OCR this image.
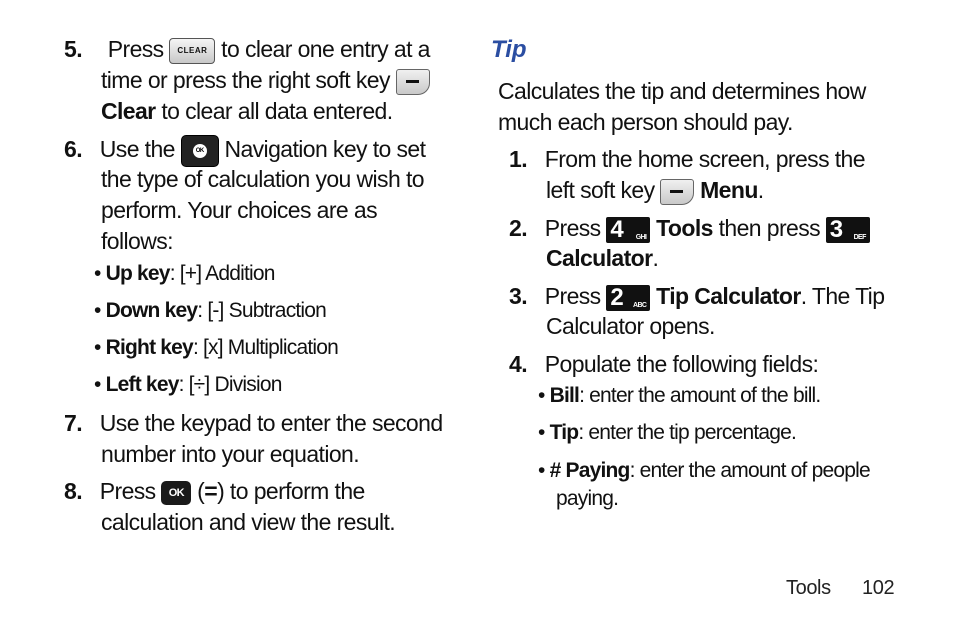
5. Press CLEAR to clear one entry at a
time or press the right soft key
Clear to clear all data entered.
6. Use the	OK Navigation key to set
the type of calculation you wish to
perform. Your choices are as
follows:
• Up key: [+] Addition
• Down key: [-] Subtraction
• Right key: [x] Multiplication
• Left key: [÷] Division
7. Use the keypad to enter the second
number into your equation.
8. Press OK (=) to perform the
calculation and view the result.
Tip
Calculates the tip and determines how
much each person should pay.
1. From the home screen, press the
left soft key Menu.
2. Press 4 GHI Tools then press 3 DEF
Calculator.
3. Press 2 ABC Tip Calculator. The Tip
Calculator opens.
4. Populate the following fields:
• Bill: enter the amount of the bill.
• Tip: enter the tip percentage.
• # Paying: enter the amount of people
paying.
Tools 102
